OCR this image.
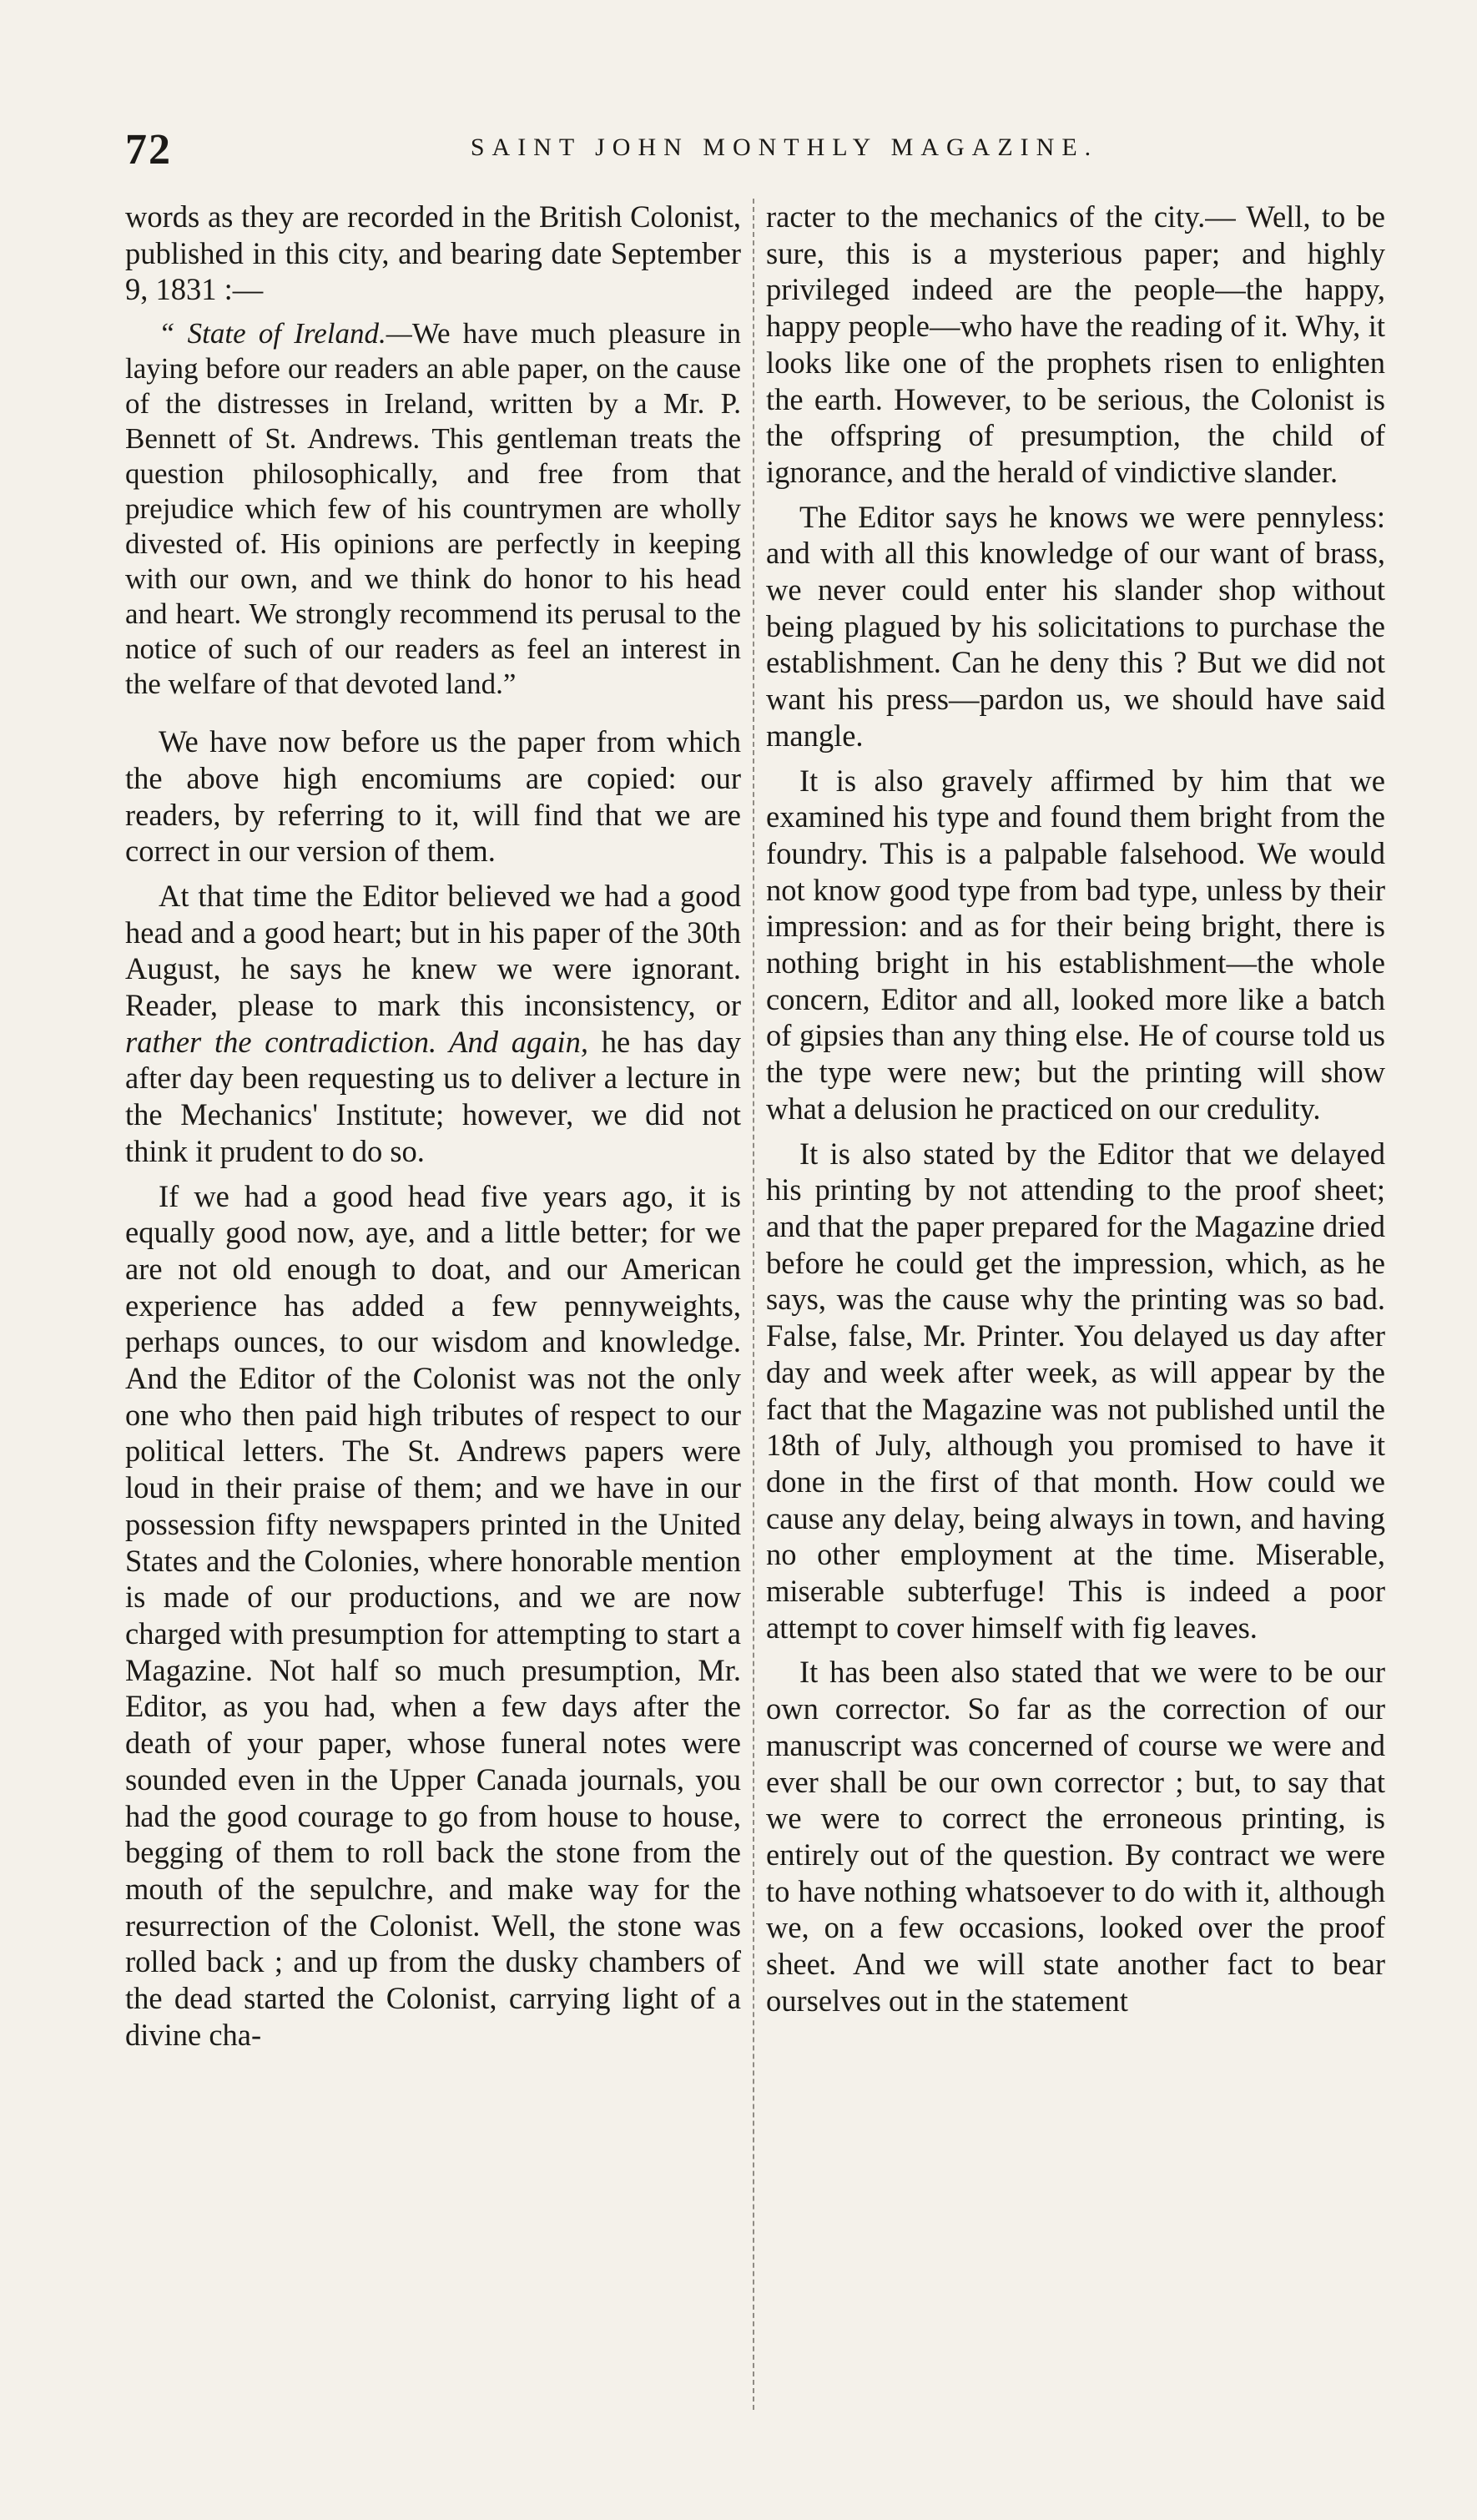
72	SAINT JOHN MONTHLY MAGAZINE.

words as they are recorded in the British Colonist, published in this city, and bearing date September 9, 1831 :—

“ State of Ireland.—We have much pleasure in laying before our readers an able paper, on the cause of the distresses in Ireland, written by a Mr. P. Bennett of St. Andrews. This gentleman treats the question philosophically, and free from that prejudice which few of his countrymen are wholly divested of. His opinions are perfectly in keeping with our own, and we think do honor to his head and heart. We strongly recommend its perusal to the notice of such of our readers as feel an interest in the welfare of that devoted land.”

We have now before us the paper from which the above high encomiums are copied: our readers, by referring to it, will find that we are correct in our version of them.

At that time the Editor believed we had a good head and a good heart; but in his paper of the 30th August, he says he knew we were ignorant. Reader, please to mark this inconsistency, or rather the contradiction. And again, he has day after day been requesting us to deliver a lecture in the Mechanics' Institute; however, we did not think it prudent to do so.

If we had a good head five years ago, it is equally good now, aye, and a little better; for we are not old enough to doat, and our American experience has added a few pennyweights, perhaps ounces, to our wisdom and knowledge. And the Editor of the Colonist was not the only one who then paid high tributes of respect to our political letters. The St. Andrews papers were loud in their praise of them; and we have in our possession fifty newspapers printed in the United States and the Colonies, where honorable mention is made of our productions, and we are now charged with presumption for attempting to start a Magazine. Not half so much presumption, Mr. Editor, as you had, when a few days after the death of your paper, whose funeral notes were sounded even in the Upper Canada journals, you had the good courage to go from house to house, begging of them to roll back the stone from the mouth of the sepulchre, and make way for the resurrection of the Colonist. Well, the stone was rolled back ; and up from the dusky chambers of the dead started the Colonist, carrying light of a divine cha-

racter to the mechanics of the city.— Well, to be sure, this is a mysterious paper; and highly privileged indeed are the people—the happy, happy people—who have the reading of it. Why, it looks like one of the prophets risen to enlighten the earth. However, to be serious, the Colonist is the offspring of presumption, the child of ignorance, and the herald of vindictive slander.

The Editor says he knows we were pennyless: and with all this knowledge of our want of brass, we never could enter his slander shop without being plagued by his solicitations to purchase the establishment. Can he deny this ? But we did not want his press—pardon us, we should have said mangle.

It is also gravely affirmed by him that we examined his type and found them bright from the foundry. This is a palpable falsehood. We would not know good type from bad type, unless by their impression: and as for their being bright, there is nothing bright in his establishment—the whole concern, Editor and all, looked more like a batch of gipsies than any thing else. He of course told us the type were new; but the printing will show what a delusion he practiced on our credulity.

It is also stated by the Editor that we delayed his printing by not attending to the proof sheet; and that the paper prepared for the Magazine dried before he could get the impression, which, as he says, was the cause why the printing was so bad. False, false, Mr. Printer. You delayed us day after day and week after week, as will appear by the fact that the Magazine was not published until the 18th of July, although you promised to have it done in the first of that month. How could we cause any delay, being always in town, and having no other employment at the time. Miserable, miserable subterfuge! This is indeed a poor attempt to cover himself with fig leaves.

It has been also stated that we were to be our own corrector. So far as the correction of our manuscript was concerned of course we were and ever shall be our own corrector ; but, to say that we were to correct the erroneous printing, is entirely out of the question. By contract we were to have nothing whatsoever to do with it, although we, on a few occasions, looked over the proof sheet. And we will state another fact to bear ourselves out in the statement
